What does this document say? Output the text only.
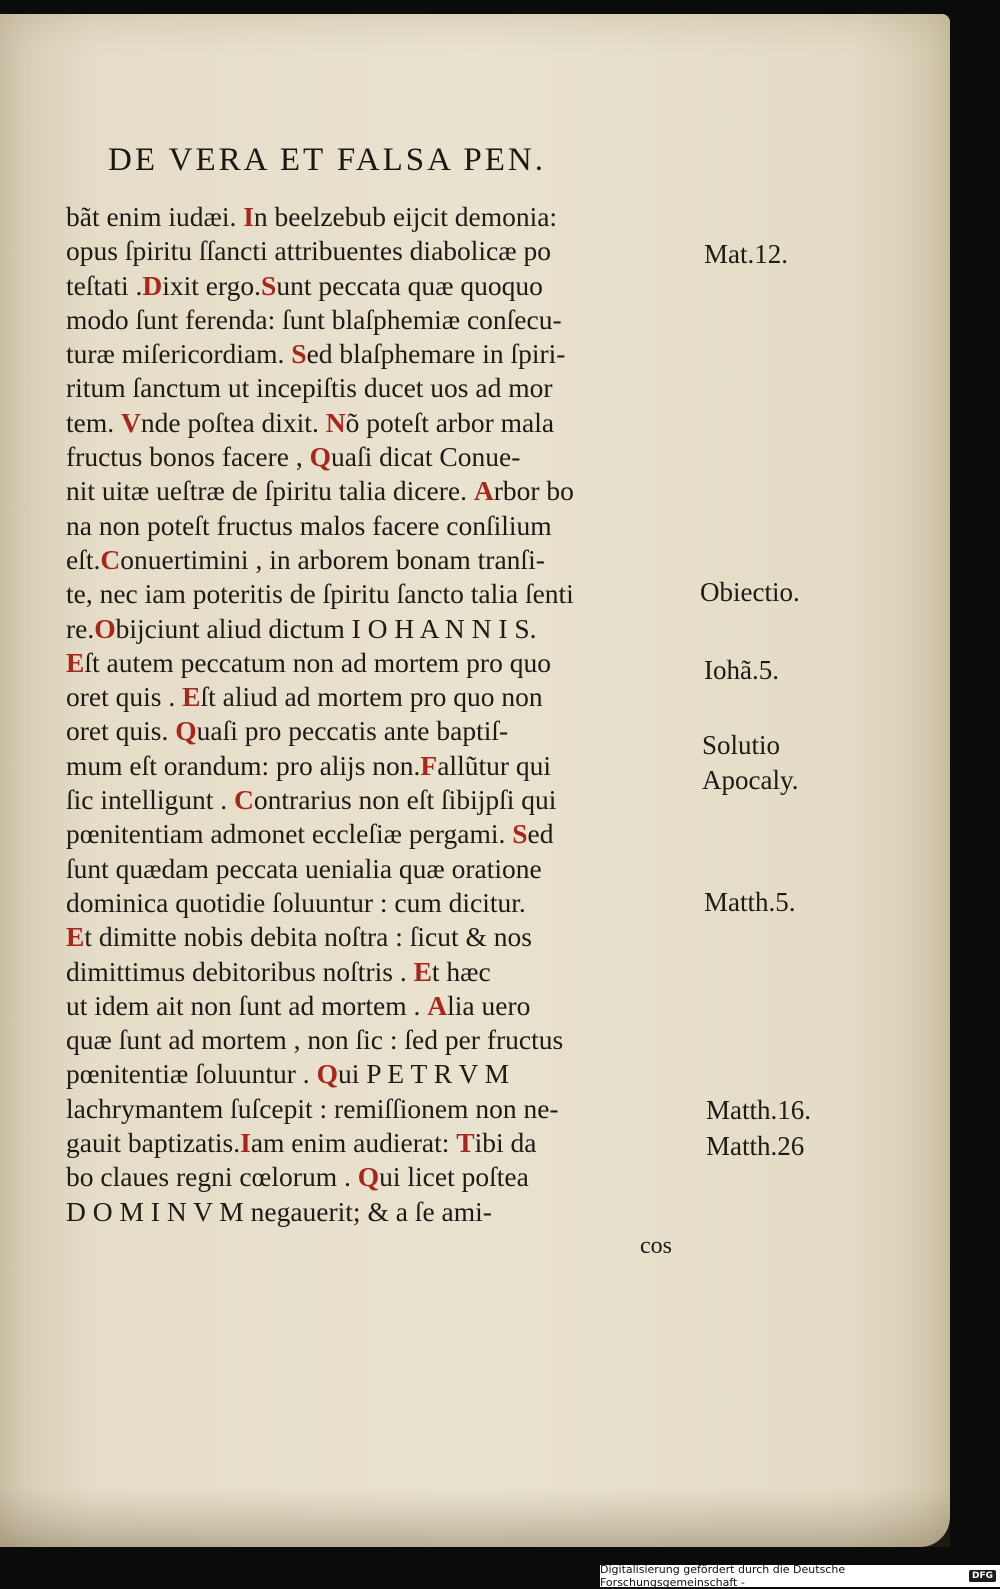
DE VERA ET FALSA PEN.
bãt enim iudæi. In beelzebub eijcit demonia:
opus ſpiritu ſſancti attribuentes diabolicæ po
teſtati .Dixit ergo.Sunt peccata quæ quoquo
modo ſunt ferenda: ſunt blaſphemiæ conſecu-
turæ miſericordiam. Sed blaſphemare in ſpiri-
ritum ſanctum ut incepiſtis ducet uos ad mor
tem. Vnde poſtea dixit. Nõ poteſt arbor mala
fructus bonos facere , Quaſi dicat Conue-
nit uitæ ueſtræ de ſpiritu talia dicere. Arbor bo
na non poteſt fructus malos facere conſilium
eſt.Conuertimini , in arborem bonam tranſi-
te, nec iam poteritis de ſpiritu ſancto talia ſenti
re.Obijciunt aliud dictum I O H A N N I S.
Eſt autem peccatum non ad mortem pro quo
oret quis . Eſt aliud ad mortem pro quo non
oret quis. Quaſi pro peccatis ante baptiſ-
mum eſt orandum: pro alijs non.Fallũtur qui
ſic intelligunt . Contrarius non eſt ſibijpſi qui
pœnitentiam admonet eccleſiæ pergami. Sed
ſunt quædam peccata uenialia quæ oratione
dominica quotidie ſoluuntur : cum dicitur.
Et dimitte nobis debita noſtra : ſicut & nos
dimittimus debitoribus noſtris . Et hæc
ut idem ait non ſunt ad mortem . Alia uero
quæ ſunt ad mortem , non ſic : ſed per fructus
pœnitentiæ ſoluuntur . Qui P E T R V M
lachrymantem ſuſcepit : remiſſionem non ne-
gauit baptizatis.Iam enim audierat: Tibi da
bo claues regni cœlorum . Qui licet poſtea
D O M I N V M negauerit; & a ſe ami-
cos
Mat.12.
Obiectio.
Iohã.5.
Solutio
Apocaly.
Matth.5.
Matth.16.
Matth.26
Digitalisierung gefördert durch die Deutsche Forschungsgemeinschaft -	DFG
